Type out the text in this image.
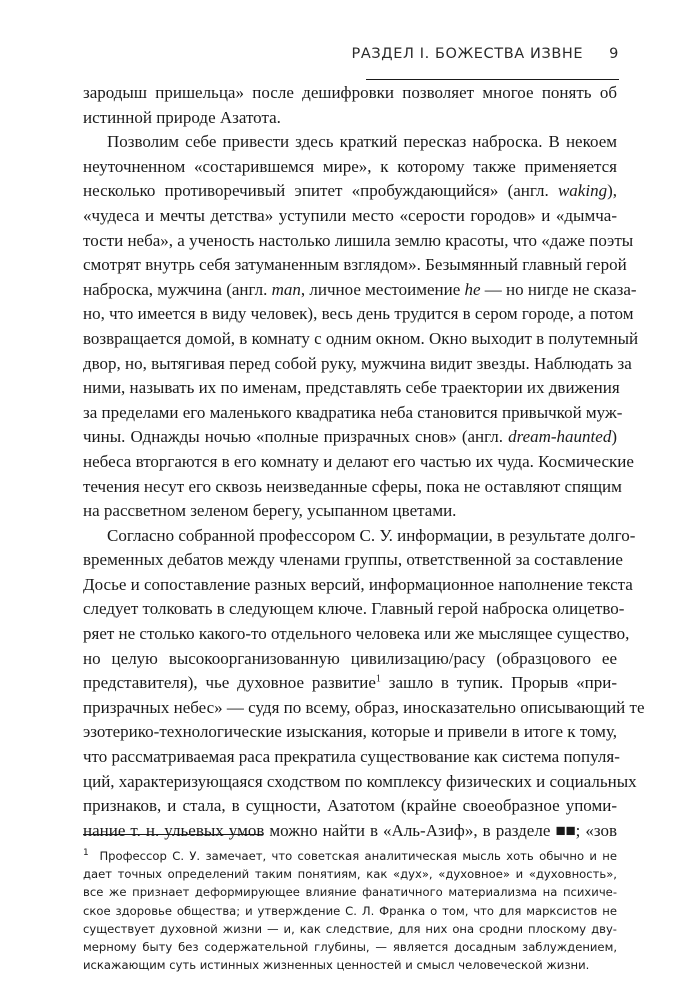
РАЗДЕЛ I. БОЖЕСТВА ИЗВНЕ 9

зародыш пришельца» после дешифровки позволяет многое понять об
истинной природе Азатота.

Позволим себе привести здесь краткий пересказ наброска. В некоем
неуточненном «состарившемся мире», к которому также применяется
несколько противоречивый эпитет «пробуждающийся» (англ. waking),
«чудеса и мечты детства» уступили место «серости городов» и «дымча-
тости неба», а ученость настолько лишила землю красоты, что «даже поэты
смотрят внутрь себя затуманенным взглядом». Безымянный главный герой
наброска, мужчина (англ. man, личное местоимение he — но нигде не сказа-
но, что имеется в виду человек), весь день трудится в сером городе, а потом
возвращается домой, в комнату с одним окном. Окно выходит в полутемный
двор, но, вытягивая перед собой руку, мужчина видит звезды. Наблюдать за
ними, называть их по именам, представлять себе траектории их движения
за пределами его маленького квадратика неба становится привычкой муж-
чины. Однажды ночью «полные призрачных снов» (англ. dream-haunted)
небеса вторгаются в его комнату и делают его частью их чуда. Космические
течения несут его сквозь неизведанные сферы, пока не оставляют спящим
на рассветном зеленом берегу, усыпанном цветами.

Согласно собранной профессором С. У. информации, в результате долго-
временных дебатов между членами группы, ответственной за составление
Досье и сопоставление разных версий, информационное наполнение текста
следует толковать в следующем ключе. Главный герой наброска олицетво-
ряет не столько какого-то отдельного человека или же мыслящее существо,
но целую высокоорганизованную цивилизацию/расу (образцового ее
представителя), чье духовное развитие$^1$ зашло в тупик. Прорыв «при-
призрачных небес» — судя по всему, образ, иносказательно описывающий те
эзотерико-технологические изыскания, которые и привели в итоге к тому,
что рассматриваемая раса прекратила существование как система популя-
ций, характеризующаяся сходством по комплексу физических и социальных
признаков, и стала, в сущности, Азатотом (крайне своеобразное упоми-
нание т. н. ульевых умов можно найти в «Аль-Азиф», в разделе ■■; «зов

$^1$ Профессор С. У. замечает, что советская аналитическая мысль хоть обычно и не
дает точных определений таким понятиям, как «дух», «духовное» и «духовность»,
все же признает деформирующее влияние фанатичного материализма на психиче-
ское здоровье общества; и утверждение С. Л. Франка о том, что для марксистов не
существует духовной жизни — и, как следствие, для них она сродни плоскому дву-
мерному быту без содержательной глубины, — является досадным заблуждением,
искажающим суть истинных жизненных ценностей и смысл человеческой жизни.
